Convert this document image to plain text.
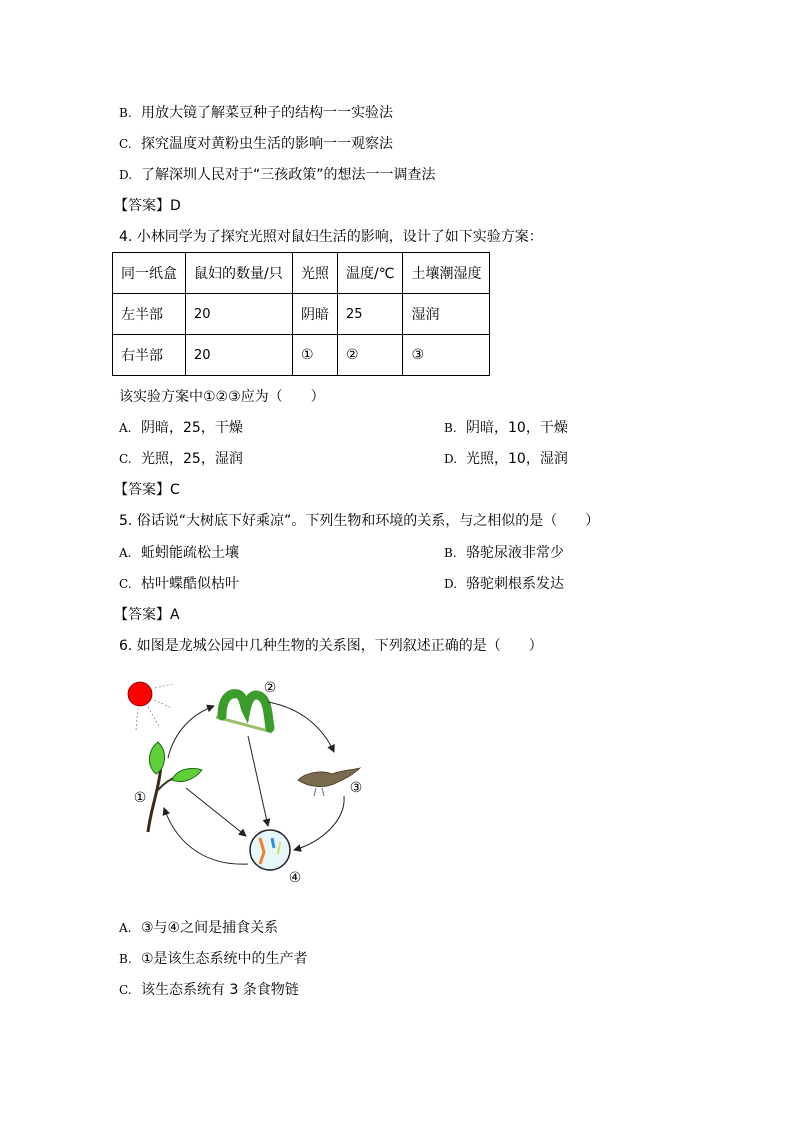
B. 用放大镜了解菜豆种子的结构一一实验法
C. 探究温度对黄粉虫生活的影响一一观察法
D. 了解深圳人民对于“三孩政策”的想法一一调查法
【答案】D
4. 小林同学为了探究光照对鼠妇生活的影响，设计了如下实验方案：
同一纸盒	鼠妇的数量/只	光照	温度/℃	土壤潮湿度
左半部	20	阴暗	25	湿润
右半部	20	①	②	③
该实验方案中①②③应为（　　）
A. 阴暗，25，干燥	B. 阴暗，10，干燥
C. 光照，25，湿润	D. 光照，10，湿润
【答案】C
5. 俗话说“大树底下好乘凉”。下列生物和环境的关系，与之相似的是（　　）
A. 蚯蚓能疏松土壤	B. 骆驼尿液非常少
C. 枯叶蝶酷似枯叶	D. 骆驼刺根系发达
【答案】A
6. 如图是龙城公园中几种生物的关系图，下列叙述正确的是（　　）
①
②
③
④
A. ③与④之间是捕食关系
B. ①是该生态系统中的生产者
C. 该生态系统有 3 条食物链
